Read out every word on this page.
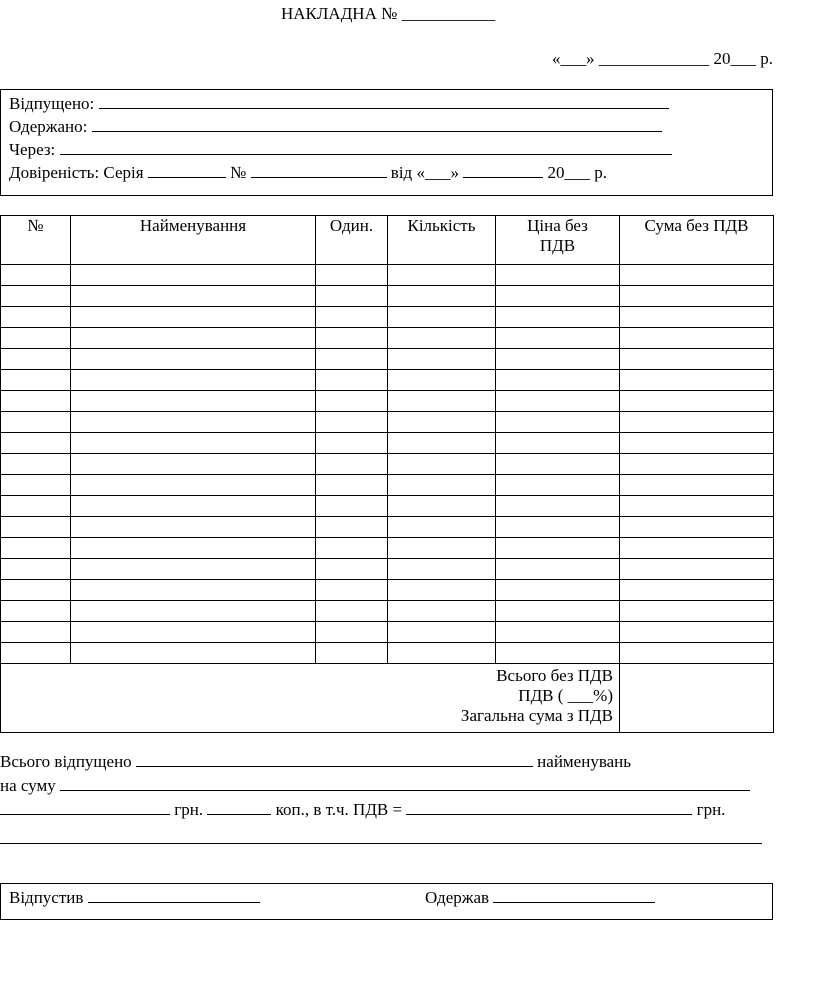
НАКЛАДНА № ___________
«___» _____________ 20___ р.
Відпущено:
Одержано:
Через:
Довіреність: Серія	№	від «___»	20___ р.
№	Найменування	Один.	Кількість	Ціна без ПДВ	Сума без ПДВ

Всього без ПДВ
ПДВ ( ___%)
Загальна сума з ПДВ					

Всього відпущено	найменувань
на суму
грн.	коп., в т.ч. ПДВ =	грн.
Відпустив	Одержав
